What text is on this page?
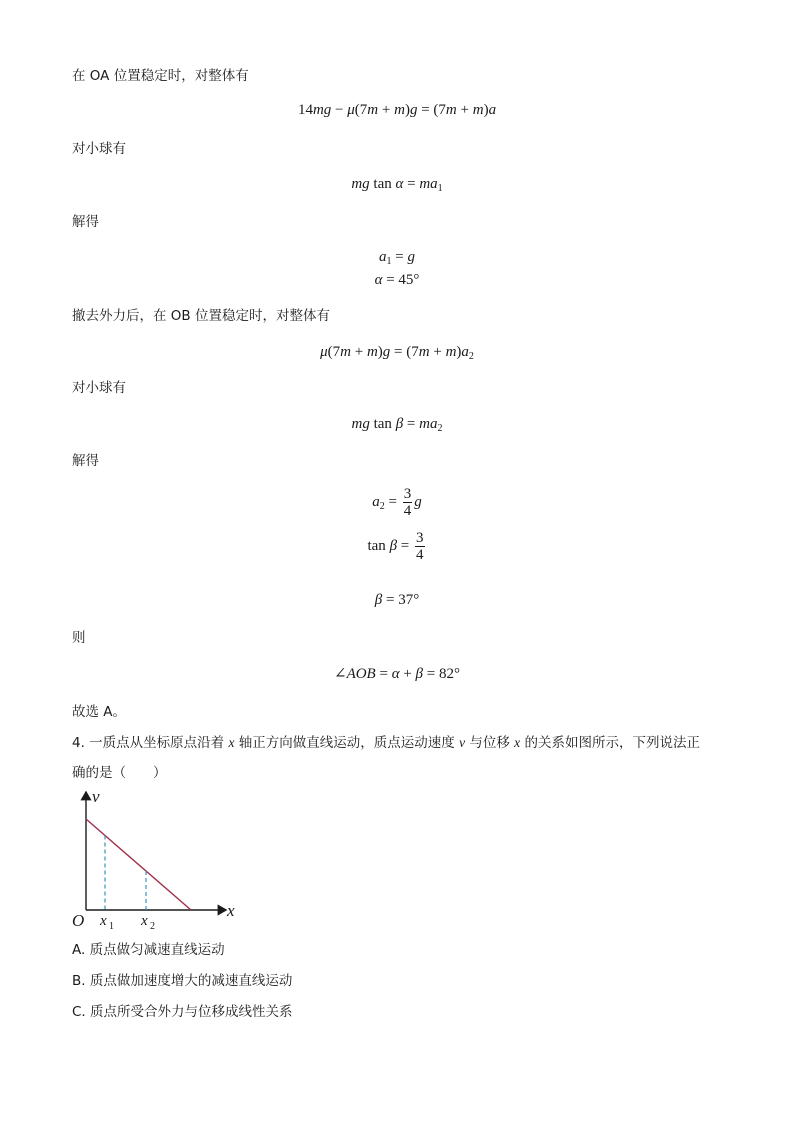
在 OA 位置稳定时，对整体有
14mg − μ(7m + m)g = (7m + m)a
对小球有
mg $\tan \alpha = ma_1$
解得
$a_1 = g$
α = 45°
撤去外力后，在 OB 位置稳定时，对整体有
$\mu(7m + m)g = (7m + m)a_2$
对小球有
mg $\tan \beta = ma_2$
解得
$a_2 = \frac{3}{4}$ g
$\tan \beta = \frac{3}{4}$
β = 37°
则
∠AOB = α + β = 82°
故选 A。
4. 一质点从坐标原点沿着 x 轴正方向做直线运动，质点运动速度 v 与位移 x 的关系如图所示，下列说法正
确的是（　　）
v
x
O x 1 x 2
A. 质点做匀减速直线运动
B. 质点做加速度增大的减速直线运动
C. 质点所受合外力与位移成线性关系
